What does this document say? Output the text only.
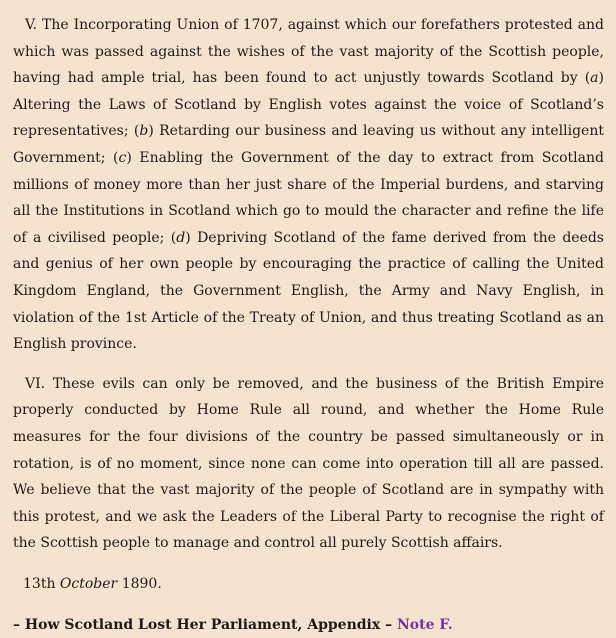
V. The Incorporating Union of 1707, against which our forefathers protested and which was passed against the wishes of the vast majority of the Scottish people, having had ample trial, has been found to act unjustly towards Scotland by (a) Altering the Laws of Scotland by English votes against the voice of Scotland’s representatives; (b) Retarding our business and leaving us without any intelligent Government; (c) Enabling the Government of the day to extract from Scotland millions of money more than her just share of the Imperial burdens, and starving all the Institutions in Scotland which go to mould the character and refine the life of a civilised people; (d) Depriving Scotland of the fame derived from the deeds and genius of her own people by encouraging the practice of calling the United Kingdom England, the Government English, the Army and Navy English, in violation of the 1st Article of the Treaty of Union, and thus treating Scotland as an English province.

VI. These evils can only be removed, and the business of the British Empire properly conducted by Home Rule all round, and whether the Home Rule measures for the four divisions of the country be passed simultaneously or in rotation, is of no moment, since none can come into operation till all are passed. We believe that the vast majority of the people of Scotland are in sympathy with this protest, and we ask the Leaders of the Liberal Party to recognise the right of the Scottish people to manage and control all purely Scottish affairs.

13th October 1890.

– How Scotland Lost Her Parliament, Appendix – Note F.
